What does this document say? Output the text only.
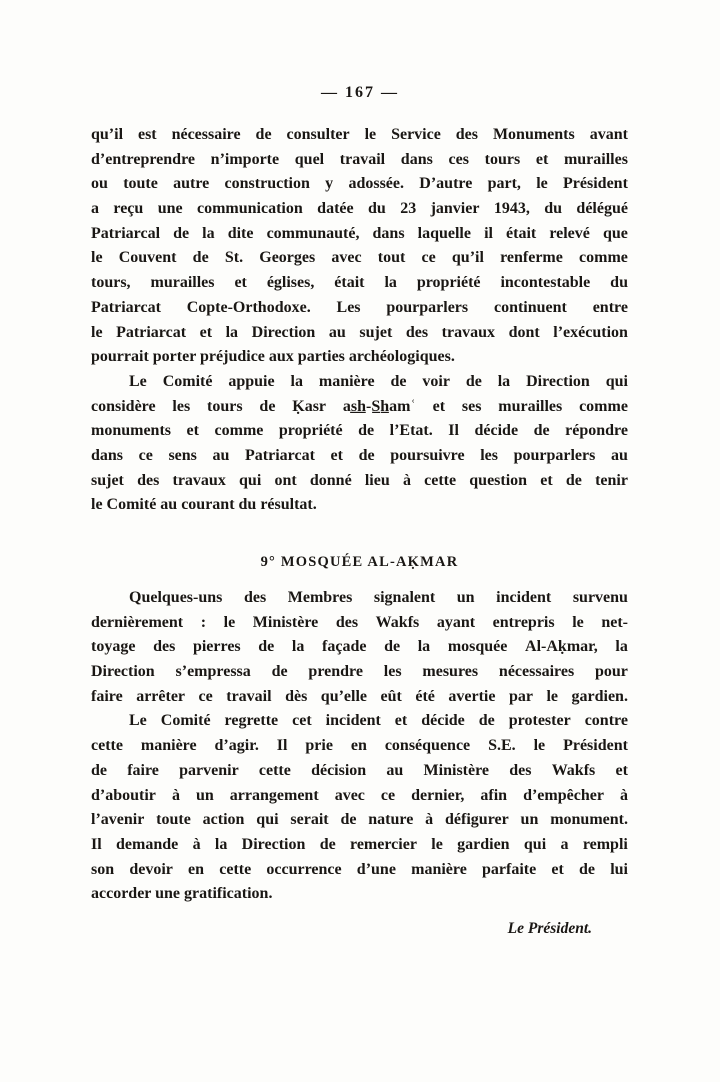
— 167 —

qu’il est nécessaire de consulter le Service des Monuments avant
d’entreprendre n’importe quel travail dans ces tours et murailles
ou toute autre construction y adossée. D’autre part, le Président
a reçu une communication datée du 23 janvier 1943, du délégué
Patriarcal de la dite communauté, dans laquelle il était relevé que
le Couvent de St. Georges avec tout ce qu’il renferme comme
tours, murailles et églises, était la propriété incontestable du
Patriarcat Copte-Orthodoxe. Les pourparlers continuent entre
le Patriarcat et la Direction au sujet des travaux dont l’exécution
pourrait porter préjudice aux parties archéologiques.

Le Comité appuie la manière de voir de la Direction qui
considère les tours de Ḳasr as̲h̲-S̲h̲amʿ et ses murailles comme
monuments et comme propriété de l’Etat. Il décide de répondre
dans ce sens au Patriarcat et de poursuivre les pourparlers au
sujet des travaux qui ont donné lieu à cette question et de tenir
le Comité au courant du résultat.

9° MOSQUÉE AL-AḲMAR

Quelques-uns des Membres signalent un incident survenu
dernièrement : le Ministère des Wakfs ayant entrepris le net-
toyage des pierres de la façade de la mosquée Al-Aḳmar, la
Direction s’empressa de prendre les mesures nécessaires pour
faire arrêter ce travail dès qu’elle eût été avertie par le gardien.

Le Comité regrette cet incident et décide de protester contre
cette manière d’agir. Il prie en conséquence S.E. le Président
de faire parvenir cette décision au Ministère des Wakfs et
d’aboutir à un arrangement avec ce dernier, afin d’empêcher à
l’avenir toute action qui serait de nature à défigurer un monument.
Il demande à la Direction de remercier le gardien qui a rempli
son devoir en cette occurrence d’une manière parfaite et de lui
accorder une gratification.

Le Président.
